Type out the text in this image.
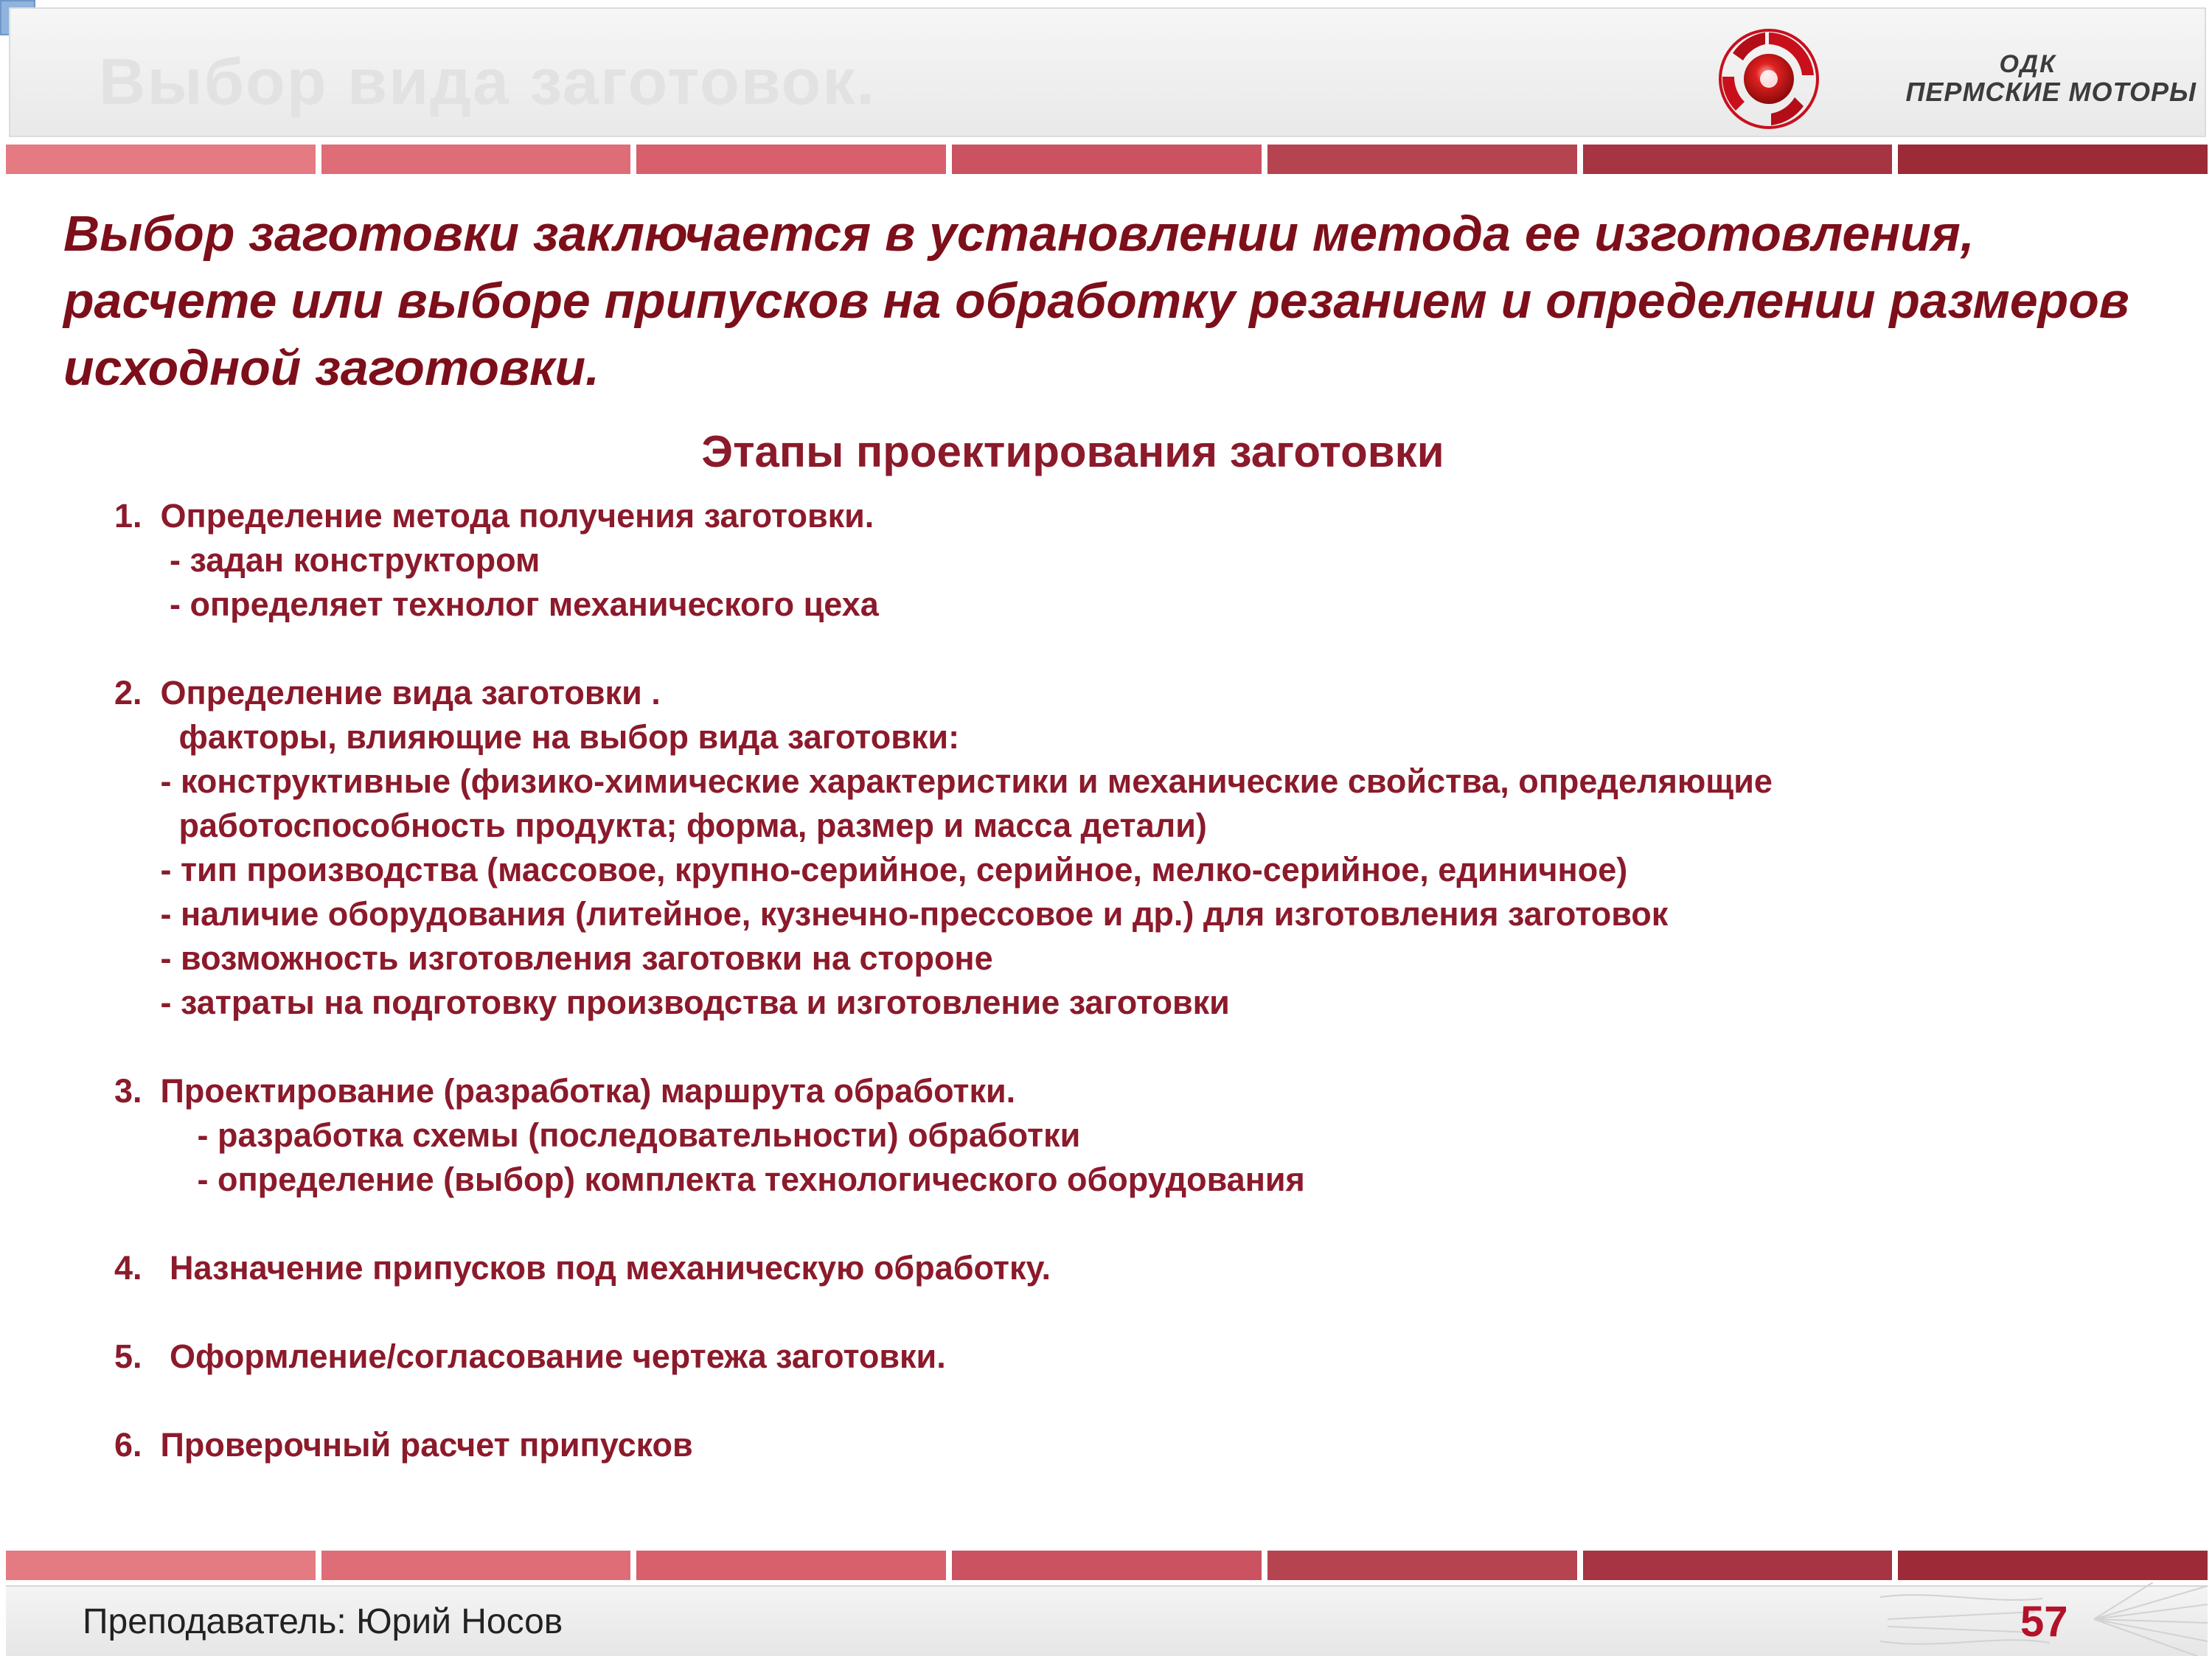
Выбор вида заготовок.	ОДК
ПЕРМСКИЕ МОТОРЫ
Выбор заготовки заключается в установлении метода ее изготовления, расчете или выборе припусков на обработку резанием и определении размеров исходной заготовки.
Этапы проектирования заготовки
1.  Определение метода получения заготовки.
- задан конструктором
- определяет технолог механического цеха
2.  Определение вида заготовки .
факторы, влияющие на выбор вида заготовки:
- конструктивные (физико-химические характеристики и механические свойства, определяющие
работоспособность продукта; форма, размер и масса детали)
- тип производства (массовое, крупно-серийное, серийное, мелко-серийное, единичное)
- наличие оборудования (литейное, кузнечно-прессовое и др.) для изготовления заготовок
- возможность изготовления заготовки на стороне
- затраты на подготовку производства и изготовление заготовки
3.  Проектирование (разработка) маршрута обработки.
- разработка схемы (последовательности) обработки
- определение (выбор) комплекта технологического оборудования
4.   Назначение припусков под механическую обработку.
5.   Оформление/согласование чертежа заготовки.
6.  Проверочный расчет припусков
Преподаватель: Юрий Носов	57
